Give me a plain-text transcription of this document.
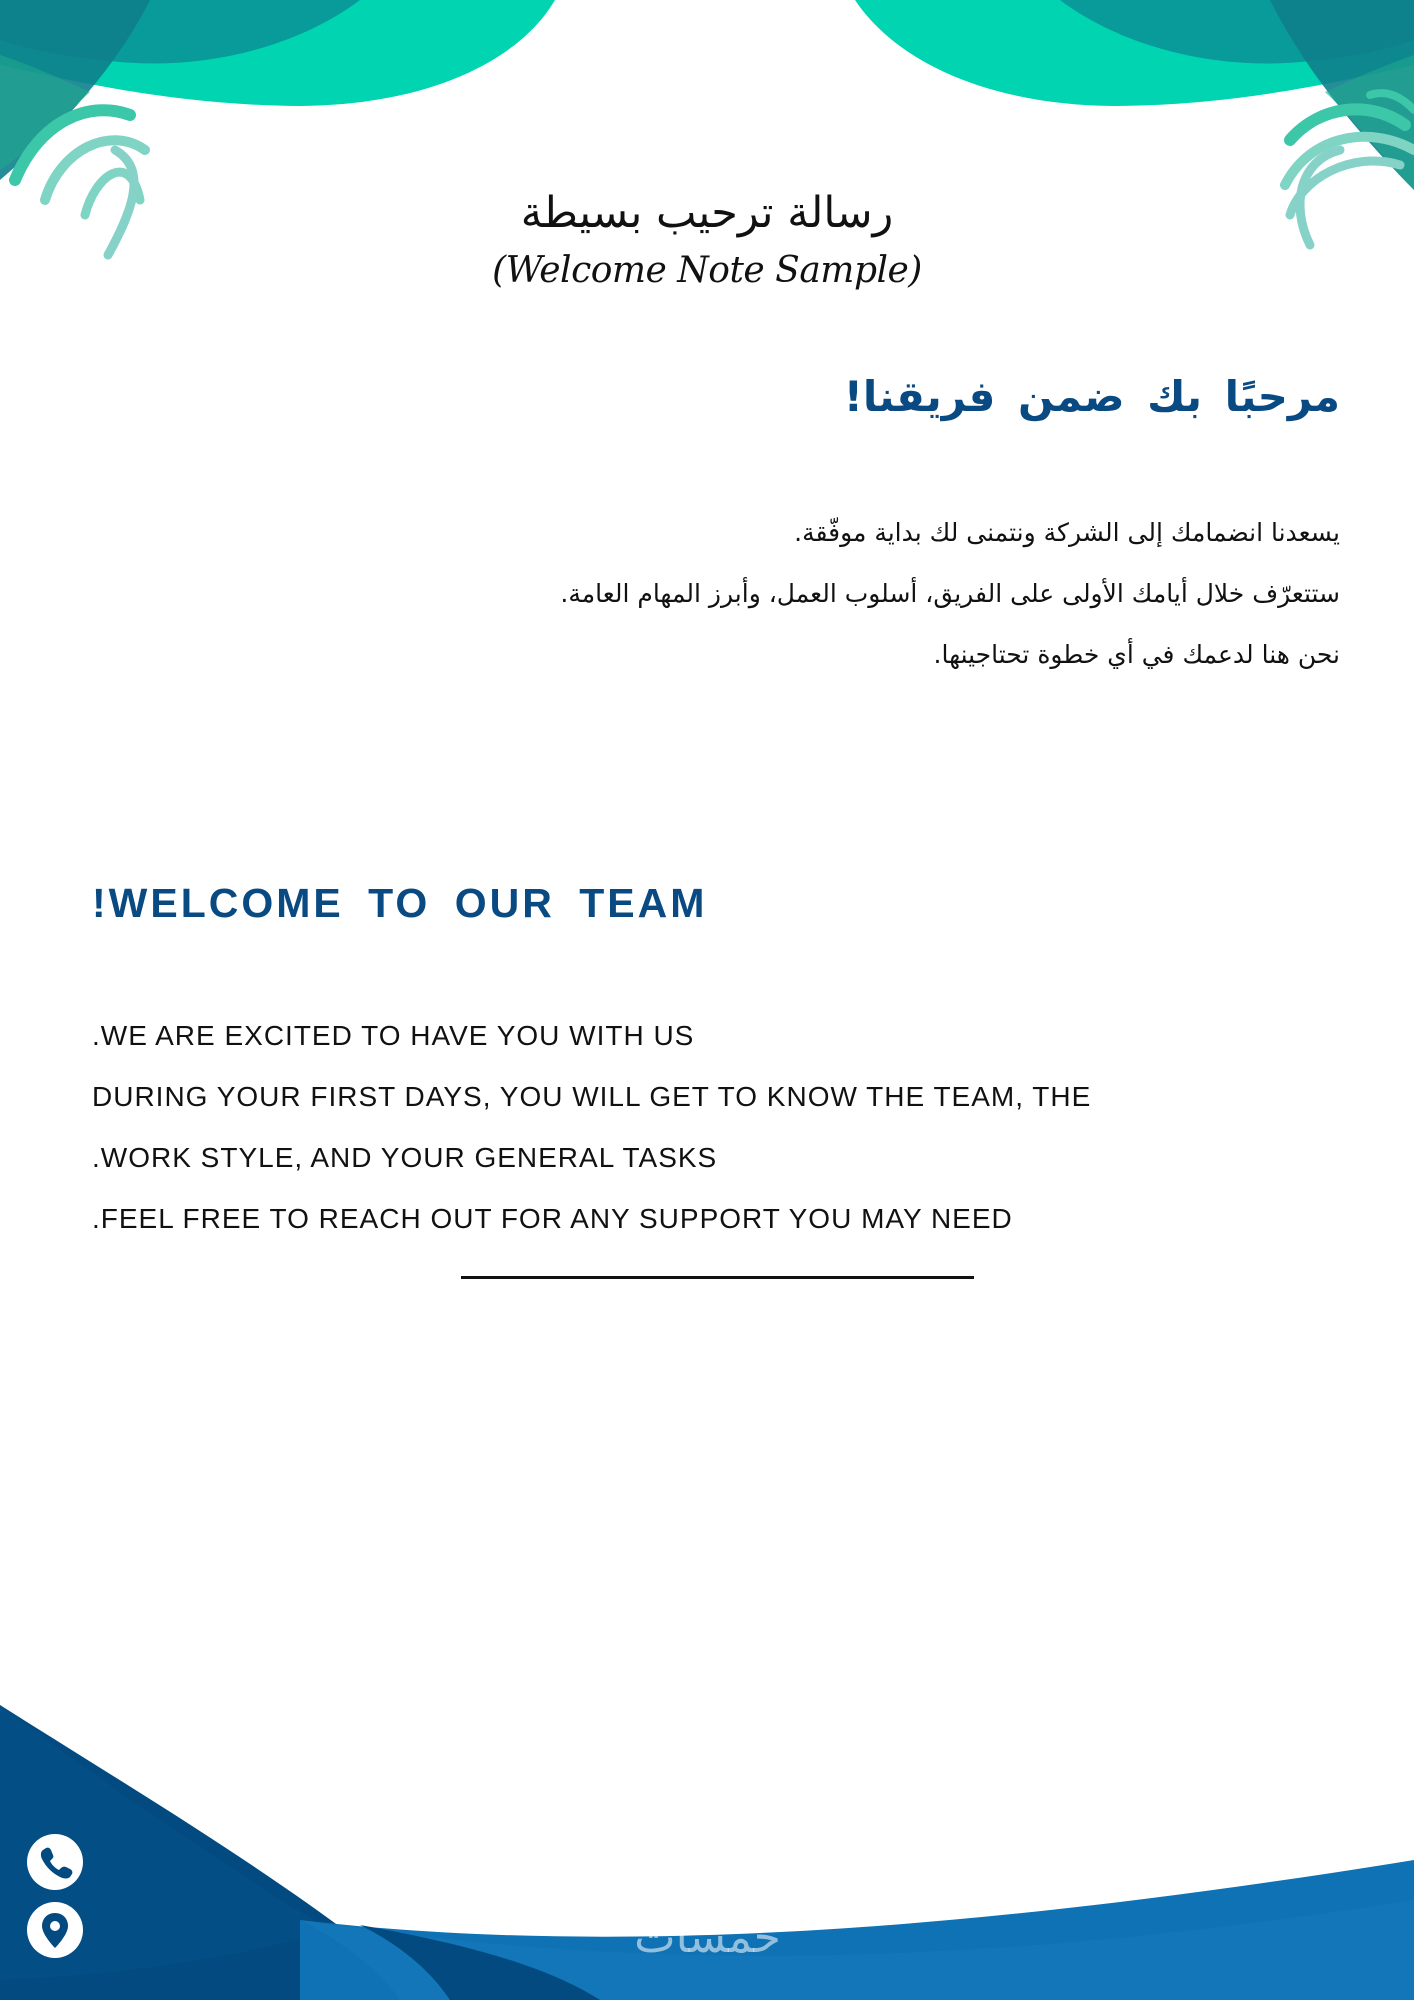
رسالة ترحيب بسيطة
(Welcome Note Sample)
مرحبًا بك ضمن فريقنا!
يسعدنا انضمامك إلى الشركة ونتمنى لك بداية موفّقة.
ستتعرّف خلال أيامك الأولى على الفريق، أسلوب العمل، وأبرز المهام العامة.
نحن هنا لدعمك في أي خطوة تحتاجينها.
!WELCOME TO OUR TEAM
.WE ARE EXCITED TO HAVE YOU WITH US
DURING YOUR FIRST DAYS, YOU WILL GET TO KNOW THE TEAM, THE
.WORK STYLE, AND YOUR GENERAL TASKS
.FEEL FREE TO REACH OUT FOR ANY SUPPORT YOU MAY NEED
خمسات
